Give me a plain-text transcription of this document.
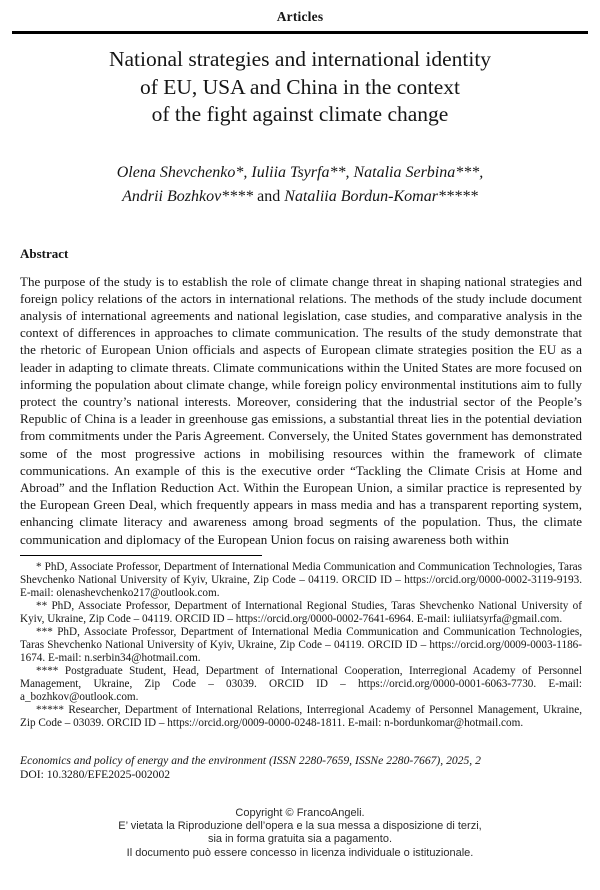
Articles
National strategies and international identity
of EU, USA and China in the context
of the fight against climate change
Olena Shevchenko*, Iuliia Tsyrfa**, Natalia Serbina***,
Andrii Bozhkov**** and Nataliia Bordun-Komar*****
Abstract
The purpose of the study is to establish the role of climate change threat in shaping national strategies and foreign policy relations of the actors in international relations. The methods of the study include document analysis of international agreements and national legislation, case studies, and comparative analysis in the context of differences in approaches to climate communication. The results of the study demonstrate that the rhetoric of European Union officials and aspects of European climate strategies position the EU as a leader in adapting to climate threats. Climate communications within the United States are more focused on informing the population about climate change, while foreign policy environmental institutions aim to fully protect the country’s national interests. Moreover, considering that the industrial sector of the People’s Republic of China is a leader in greenhouse gas emissions, a substantial threat lies in the potential deviation from commitments under the Paris Agreement. Conversely, the United States government has demonstrated some of the most progressive actions in mobilising resources within the framework of climate communications. An example of this is the executive order “Tackling the Climate Crisis at Home and Abroad” and the Inflation Reduction Act. Within the European Union, a similar practice is represented by the European Green Deal, which frequently appears in mass media and has a transparent reporting system, enhancing climate literacy and awareness among broad segments of the population. Thus, the climate communication and diplomacy of the European Union focus on raising awareness both within

* PhD, Associate Professor, Department of International Media Communication and Communication Technologies, Taras Shevchenko National University of Kyiv, Ukraine, Zip Code – 04119. ORCID ID – https://orcid.org/0000-0002-3119-9193. E-mail: olenashevchenko217@outlook.com.

** PhD, Associate Professor, Department of International Regional Studies, Taras Shevchenko National University of Kyiv, Ukraine, Zip Code – 04119. ORCID ID – https://orcid.org/0000-0002-7641-6964. E-mail: iuliiatsyrfa@gmail.com.

*** PhD, Associate Professor, Department of International Media Communication and Communication Technologies, Taras Shevchenko National University of Kyiv, Ukraine, Zip Code – 04119. ORCID ID – https://orcid.org/0009-0003-1186-1674. E-mail: n.serbin34@hotmail.com.

**** Postgraduate Student, Head, Department of International Cooperation, Interregional Academy of Personnel Management, Ukraine, Zip Code – 03039. ORCID ID – https://orcid.org/0000-0001-6063-7730. E-mail: a_bozhkov@outlook.com.

***** Researcher, Department of International Relations, Interregional Academy of Personnel Management, Ukraine, Zip Code – 03039. ORCID ID – https://orcid.org/0009-0000-0248-1811. E-mail: n-bordunkomar@hotmail.com.

Economics and policy of energy and the environment (ISSN 2280-7659, ISSNe 2280-7667), 2025, 2
DOI: 10.3280/EFE2025-002002
Copyright © FrancoAngeli.
E’ vietata la Riproduzione dell’opera e la sua messa a disposizione di terzi,
sia in forma gratuita sia a pagamento.
Il documento può essere concesso in licenza individuale o istituzionale.
